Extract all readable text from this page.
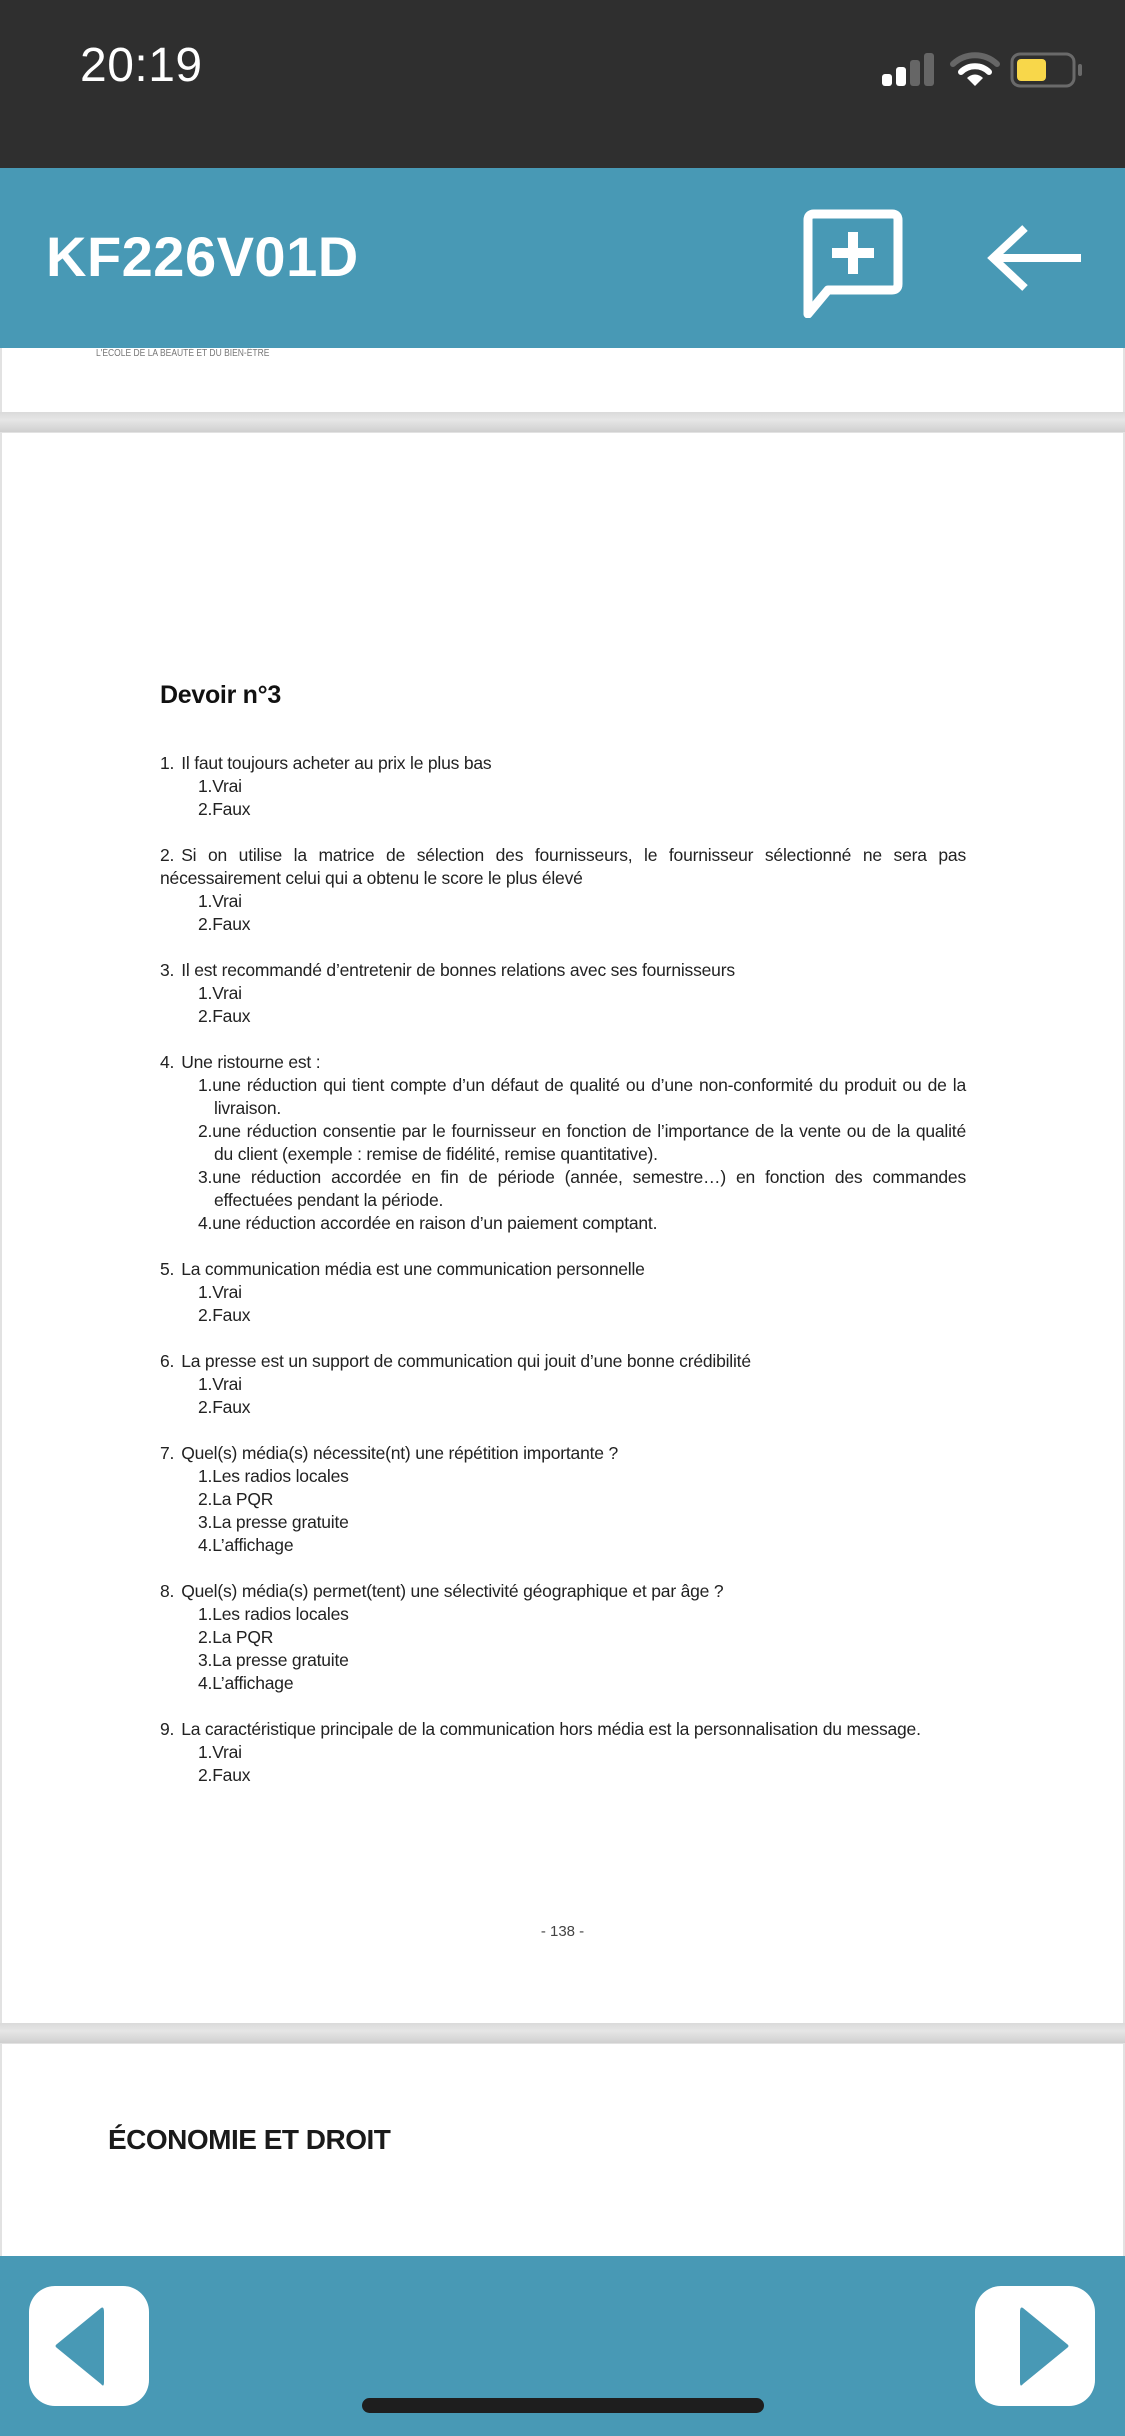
20:19
KF226V01D
L'ÉCOLE DE LA BEAUTÉ ET DU BIEN-ÊTRE
Devoir n°3
1. Il faut toujours acheter au prix le plus bas
1.Vrai
2.Faux
2. Si on utilise la matrice de sélection des fournisseurs, le fournisseur sélectionné ne sera pas nécessairement celui qui a obtenu le score le plus élevé
1.Vrai
2.Faux
3. Il est recommandé d’entretenir de bonnes relations avec ses fournisseurs
1.Vrai
2.Faux
4. Une ristourne est :
1.une réduction qui tient compte d’un défaut de qualité ou d’une non-conformité du produit ou de la livraison.
2.une réduction consentie par le fournisseur en fonction de l’importance de la vente ou de la qualité du client (exemple : remise de fidélité, remise quantitative).
3.une réduction accordée en fin de période (année, semestre…) en fonction des commandes effectuées pendant la période.
4.une réduction accordée en raison d’un paiement comptant.
5. La communication média est une communication personnelle
1.Vrai
2.Faux
6. La presse est un support de communication qui jouit d’une bonne crédibilité
1.Vrai
2.Faux
7. Quel(s) média(s) nécessite(nt) une répétition importante ?
1.Les radios locales
2.La PQR
3.La presse gratuite
4.L’affichage
8. Quel(s) média(s) permet(tent) une sélectivité géographique et par âge ?
1.Les radios locales
2.La PQR
3.La presse gratuite
4.L’affichage
9. La caractéristique principale de la communication hors média est la personnalisation du message.
1.Vrai
2.Faux
- 138 -
ÉCONOMIE ET DROIT
